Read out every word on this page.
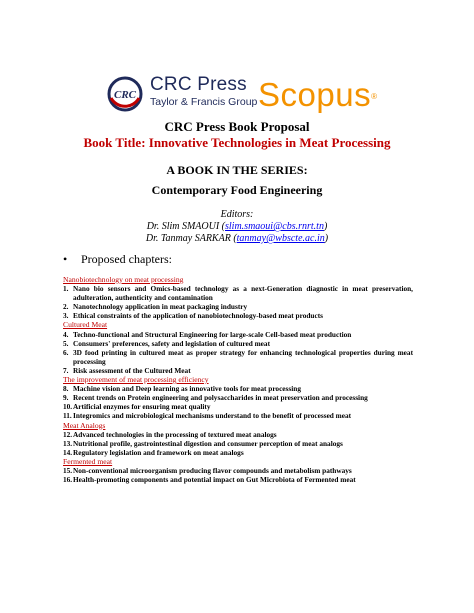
CRC CRC Press
Taylor & Francis Group Scopus®
CRC Press Book Proposal
Book Title: Innovative Technologies in Meat Processing
A BOOK IN THE SERIES:
Contemporary Food Engineering
Editors:
Dr. Slim SMAOUI (slim.smaoui@cbs.rnrt.tn)
Dr. Tanmay SARKAR (tanmay@wbscte.ac.in)
• Proposed chapters:
Nanobiotechnology on meat processing
1. Nano bio sensors and Omics-based technology as a next-Generation diagnostic in meat preservation, adulteration, authenticity and contamination
2. Nanotechnology application in meat packaging industry
3. Ethical constraints of the application of nanobiotechnology-based meat products
Cultured Meat
4. Techno-functional and Structural Engineering for large-scale Cell-based meat production
5. Consumers' preferences, safety and legislation of cultured meat
6. 3D food printing in cultured meat as proper strategy for enhancing technological properties during meat processing
7. Risk assessment of the Cultured Meat
The improvement of meat processing efficiency
8. Machine vision and Deep learning as innovative tools for meat processing
9. Recent trends on Protein engineering and polysaccharides in meat preservation and processing
10. Artificial enzymes for ensuring meat quality
11. Integromics and microbiological mechanisms understand to the benefit of processed meat
Meat Analogs
12. Advanced technologies in the processing of textured meat analogs
13. Nutritional profile, gastrointestinal digestion and consumer perception of meat analogs
14. Regulatory legislation and framework on meat analogs
Fermented meat
15. Non-conventional microorganism producing flavor compounds and metabolism pathways
16. Health-promoting components and potential impact on Gut Microbiota of Fermented meat
